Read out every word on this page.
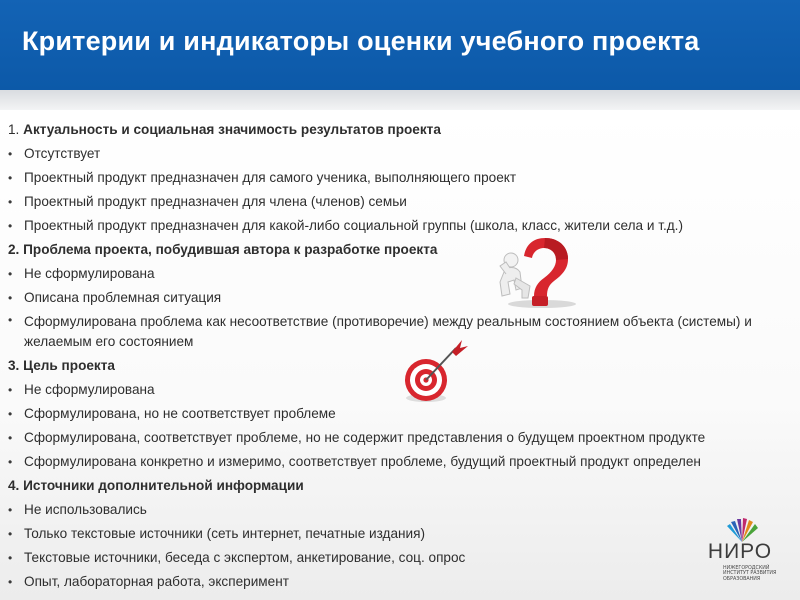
Критерии и индикаторы оценки учебного проекта
1. Актуальность и социальная значимость результатов проекта
• Отсутствует
• Проектный продукт предназначен для самого ученика, выполняющего проект
• Проектный продукт предназначен для члена (членов) семьи
• Проектный продукт предназначен для какой-либо социальной группы (школа, класс, жители села и т.д.)
2. Проблема проекта, побудившая автора к разработке проекта
• Не сформулирована
• Описана проблемная ситуация
• Сформулирована проблема как несоответствие (противоречие) между реальным состоянием объекта (системы) и желаемым его состоянием
3. Цель проекта
• Не сформулирована
• Сформулирована, но не соответствует проблеме
• Сформулирована, соответствует проблеме, но не содержит представления о будущем проектном продукте
• Сформулирована конкретно и измеримо, соответствует проблеме, будущий проектный продукт определен
4. Источники дополнительной информации
• Не использовались
• Только текстовые источники (сеть интернет, печатные издания)
• Текстовые источники, беседа с экспертом, анкетирование, соц. опрос
• Опыт, лабораторная работа, эксперимент
НИРО
НИЖЕГОРОДСКИЙ ИНСТИТУТ РАЗВИТИЯ ОБРАЗОВАНИЯ
